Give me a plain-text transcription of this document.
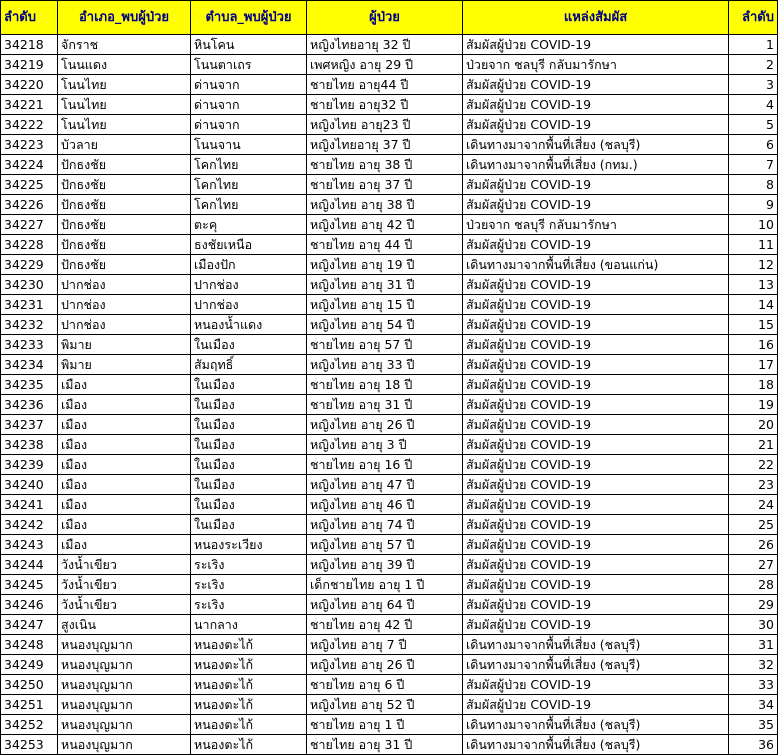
ลำดับ	อำเภอ_พบผู้ป่วย	ตำบล_พบผู้ป่วย	ผู้ป่วย	แหล่งสัมผัส	ลำดับ
34218	จักราช	หินโคน	หญิงไทยอายุ 32 ปี	สัมผัสผู้ป่วย COVID-19	1
34219	โนนแดง	โนนตาเถร	เพศหญิง อายุ 29 ปี	ป่วยจาก ชลบุรี กลับมารักษา	2
34220	โนนไทย	ด่านจาก	ชายไทย อายุ44 ปี	สัมผัสผู้ป่วย COVID-19	3
34221	โนนไทย	ด่านจาก	ชายไทย อายุ32 ปี	สัมผัสผู้ป่วย COVID-19	4
34222	โนนไทย	ด่านจาก	หญิงไทย อายุ23 ปี	สัมผัสผู้ป่วย COVID-19	5
34223	บัวลาย	โนนจาน	หญิงไทยอายุ 37 ปี	เดินทางมาจากพื้นที่เสี่ยง (ชลบุรี)	6
34224	ปักธงชัย	โคกไทย	ชายไทย อายุ 38 ปี	เดินทางมาจากพื้นที่เสี่ยง (กทม.)	7
34225	ปักธงชัย	โคกไทย	ชายไทย อายุ 37 ปี	สัมผัสผู้ป่วย COVID-19	8
34226	ปักธงชัย	โคกไทย	หญิงไทย อายุ 38 ปี	สัมผัสผู้ป่วย COVID-19	9
34227	ปักธงชัย	ตะคุ	หญิงไทย อายุ 42 ปี	ป่วยจาก ชลบุรี กลับมารักษา	10
34228	ปักธงชัย	ธงชัยเหนือ	ชายไทย อายุ 44 ปี	สัมผัสผู้ป่วย COVID-19	11
34229	ปักธงชัย	เมืองปัก	หญิงไทย อายุ 19 ปี	เดินทางมาจากพื้นที่เสี่ยง (ขอนแก่น)	12
34230	ปากช่อง	ปากช่อง	หญิงไทย อายุ 31 ปี	สัมผัสผู้ป่วย COVID-19	13
34231	ปากช่อง	ปากช่อง	หญิงไทย อายุ 15 ปี	สัมผัสผู้ป่วย COVID-19	14
34232	ปากช่อง	หนองน้ำแดง	หญิงไทย อายุ 54 ปี	สัมผัสผู้ป่วย COVID-19	15
34233	พิมาย	ในเมือง	ชายไทย อายุ 57 ปี	สัมผัสผู้ป่วย COVID-19	16
34234	พิมาย	สัมฤทธิ์	หญิงไทย อายุ 33 ปี	สัมผัสผู้ป่วย COVID-19	17
34235	เมือง	ในเมือง	ชายไทย อายุ 18 ปี	สัมผัสผู้ป่วย COVID-19	18
34236	เมือง	ในเมือง	ชายไทย อายุ 31 ปี	สัมผัสผู้ป่วย COVID-19	19
34237	เมือง	ในเมือง	หญิงไทย อายุ 26 ปี	สัมผัสผู้ป่วย COVID-19	20
34238	เมือง	ในเมือง	หญิงไทย อายุ 3 ปี	สัมผัสผู้ป่วย COVID-19	21
34239	เมือง	ในเมือง	ชายไทย อายุ 16 ปี	สัมผัสผู้ป่วย COVID-19	22
34240	เมือง	ในเมือง	หญิงไทย อายุ 47 ปี	สัมผัสผู้ป่วย COVID-19	23
34241	เมือง	ในเมือง	หญิงไทย อายุ 46 ปี	สัมผัสผู้ป่วย COVID-19	24
34242	เมือง	ในเมือง	หญิงไทย อายุ 74 ปี	สัมผัสผู้ป่วย COVID-19	25
34243	เมือง	หนองระเวียง	หญิงไทย อายุ 57 ปี	สัมผัสผู้ป่วย COVID-19	26
34244	วังน้ำเขียว	ระเริง	หญิงไทย อายุ 39 ปี	สัมผัสผู้ป่วย COVID-19	27
34245	วังน้ำเขียว	ระเริง	เด็กชายไทย อายุ 1 ปี	สัมผัสผู้ป่วย COVID-19	28
34246	วังน้ำเขียว	ระเริง	หญิงไทย อายุ 64 ปี	สัมผัสผู้ป่วย COVID-19	29
34247	สูงเนิน	นากลาง	ชายไทย อายุ 42 ปี	สัมผัสผู้ป่วย COVID-19	30
34248	หนองบุญมาก	หนองตะไก้	หญิงไทย อายุ 7 ปี	เดินทางมาจากพื้นที่เสี่ยง (ชลบุรี)	31
34249	หนองบุญมาก	หนองตะไก้	หญิงไทย อายุ 26 ปี	เดินทางมาจากพื้นที่เสี่ยง (ชลบุรี)	32
34250	หนองบุญมาก	หนองตะไก้	ชายไทย อายุ 6 ปี	สัมผัสผู้ป่วย COVID-19	33
34251	หนองบุญมาก	หนองตะไก้	หญิงไทย อายุ 52 ปี	สัมผัสผู้ป่วย COVID-19	34
34252	หนองบุญมาก	หนองตะไก้	ชายไทย อายุ 1 ปี	เดินทางมาจากพื้นที่เสี่ยง (ชลบุรี)	35
34253	หนองบุญมาก	หนองตะไก้	ชายไทย อายุ 31 ปี	เดินทางมาจากพื้นที่เสี่ยง (ชลบุรี)	36
